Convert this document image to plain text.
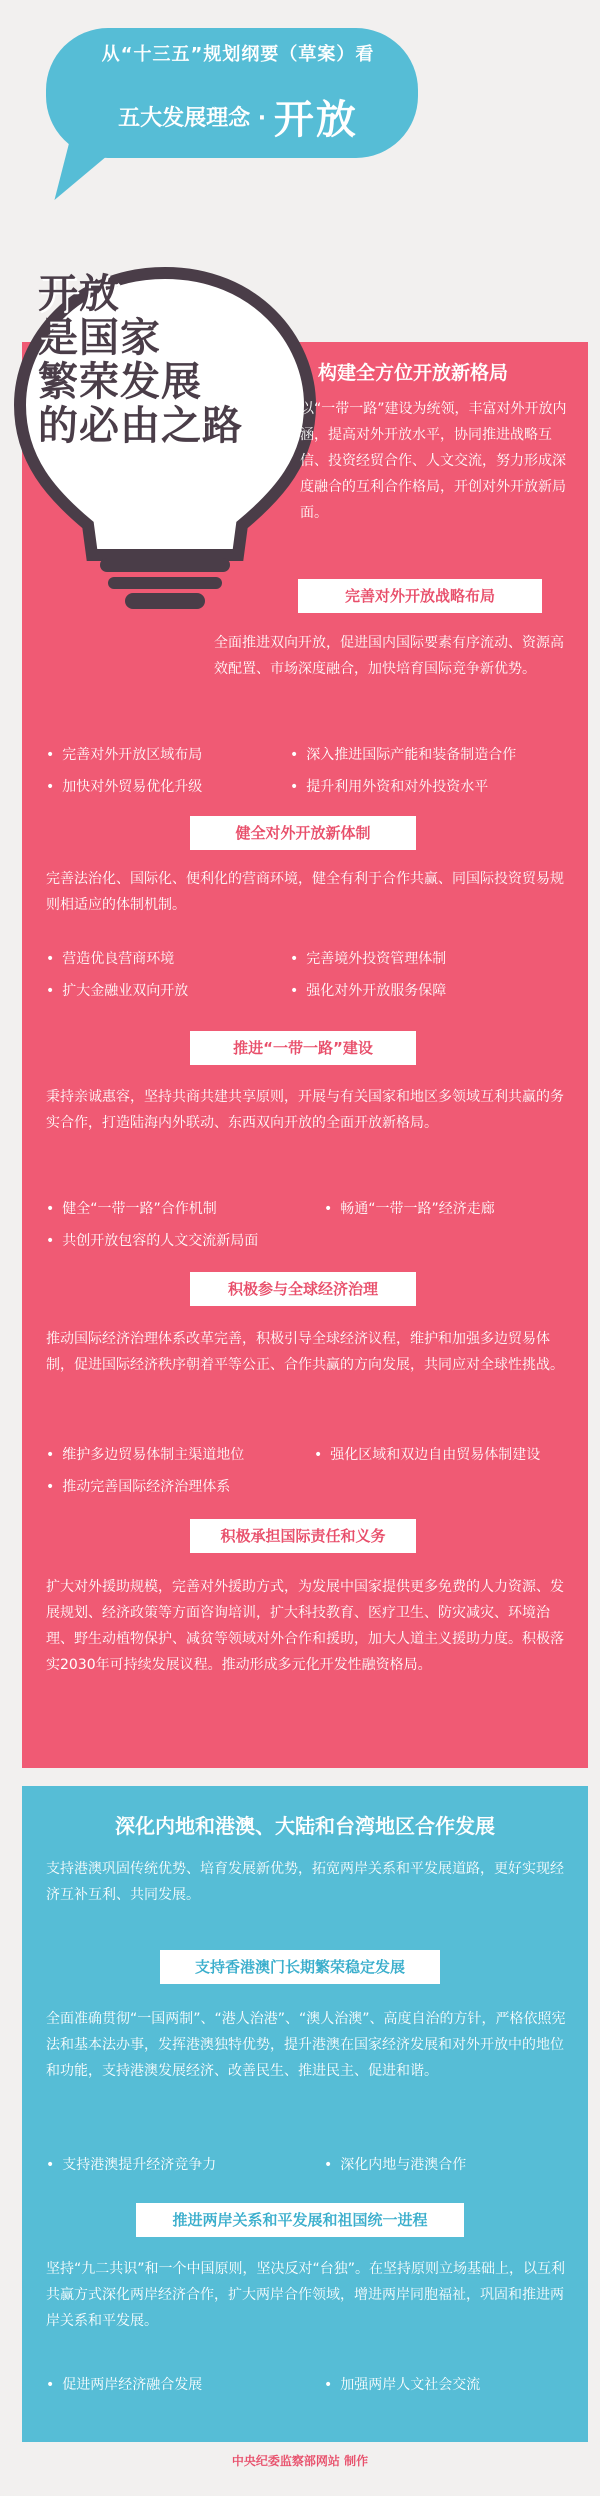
从“十三五”规划纲要（草案）看
五大发展理念 · 开放
开放
是国家
繁荣发展
的必由之路
构建全方位开放新格局

以“一带一路”建设为统领，丰富对外开放内涵，提高对外开放水平，协同推进战略互信、投资经贸合作、人文交流，努力形成深度融合的互利合作格局，开创对外开放新局面。

完善对外开放战略布局

全面推进双向开放，促进国内国际要素有序流动、资源高效配置、市场深度融合，加快培育国际竞争新优势。

• 完善对外开放区域布局	• 深入推进国际产能和装备制造合作
• 加快对外贸易优化升级	• 提升利用外资和对外投资水平
健全对外开放新体制

完善法治化、国际化、便利化的营商环境，健全有利于合作共赢、同国际投资贸易规则相适应的体制机制。

• 营造优良营商环境	• 完善境外投资管理体制
• 扩大金融业双向开放	• 强化对外开放服务保障
推进“一带一路”建设

秉持亲诚惠容，坚持共商共建共享原则，开展与有关国家和地区多领域互利共赢的务实合作，打造陆海内外联动、东西双向开放的全面开放新格局。

• 健全“一带一路”合作机制	• 畅通“一带一路”经济走廊
• 共创开放包容的人文交流新局面
积极参与全球经济治理

推动国际经济治理体系改革完善，积极引导全球经济议程，维护和加强多边贸易体制，促进国际经济秩序朝着平等公正、合作共赢的方向发展，共同应对全球性挑战。

• 维护多边贸易体制主渠道地位	• 强化区域和双边自由贸易体制建设
• 推动完善国际经济治理体系
积极承担国际责任和义务

扩大对外援助规模，完善对外援助方式，为发展中国家提供更多免费的人力资源、发展规划、经济政策等方面咨询培训，扩大科技教育、医疗卫生、防灾减灾、环境治理、野生动植物保护、减贫等领域对外合作和援助，加大人道主义援助力度。积极落实2030年可持续发展议程。推动形成多元化开发性融资格局。

深化内地和港澳、大陆和台湾地区合作发展

支持港澳巩固传统优势、培育发展新优势，拓宽两岸关系和平发展道路，更好实现经济互补互利、共同发展。

支持香港澳门长期繁荣稳定发展

全面准确贯彻“一国两制”、“港人治港”、“澳人治澳”、高度自治的方针，严格依照宪法和基本法办事，发挥港澳独特优势，提升港澳在国家经济发展和对外开放中的地位和功能，支持港澳发展经济、改善民生、推进民主、促进和谐。

• 支持港澳提升经济竞争力	• 深化内地与港澳合作
推进两岸关系和平发展和祖国统一进程

坚持“九二共识”和一个中国原则，坚决反对“台独”。在坚持原则立场基础上，以互利共赢方式深化两岸经济合作，扩大两岸合作领域，增进两岸同胞福祉，巩固和推进两岸关系和平发展。

• 促进两岸经济融合发展	• 加强两岸人文社会交流
中央纪委监察部网站 制作
